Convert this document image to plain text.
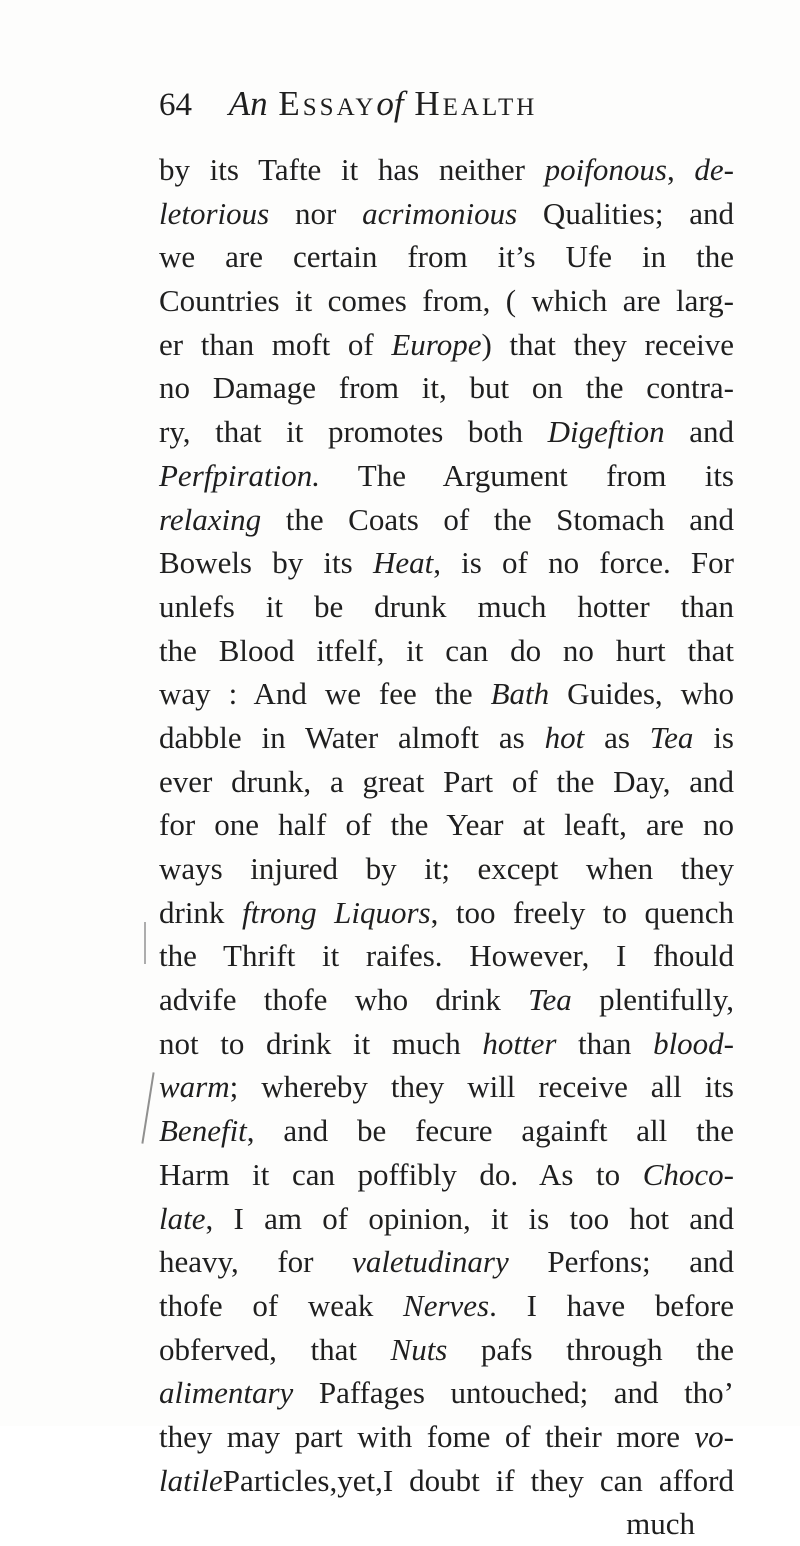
64 An Essayof Health
by its Tafte it has neither poifonous, de-
letorious nor acrimonious Qualities; and
we are certain from it’s Ufe in the
Countries it comes from, ( which are larg-
er than moft of Europe) that they receive
no Damage from it, but on the contra-
ry, that it promotes both Digeftion and
Perfpiration. The Argument from its
relaxing the Coats of the Stomach and
Bowels by its Heat, is of no force. For
unlefs it be drunk much hotter than
the Blood itfelf, it can do no hurt that
way : And we fee the Bath Guides, who
dabble in Water almoft as hot as Tea is
ever drunk, a great Part of the Day, and
for one half of the Year at leaft, are no
ways injured by it; except when they
drink ftrong Liquors, too freely to quench
the Thrift it raifes. However, I fhould
advife thofe who drink Tea plentifully,
not to drink it much hotter than blood-
warm; whereby they will receive all its
Benefit, and be fecure againft all the
Harm it can poffibly do. As to Choco-
late, I am of opinion, it is too hot and
heavy, for valetudinary Perfons; and
thofe of weak Nerves. I have before
obferved, that Nuts pafs through the
alimentary Paffages untouched; and tho’
they may part with fome of their more vo-
latileParticles,yet,I doubt if they can afford
much
